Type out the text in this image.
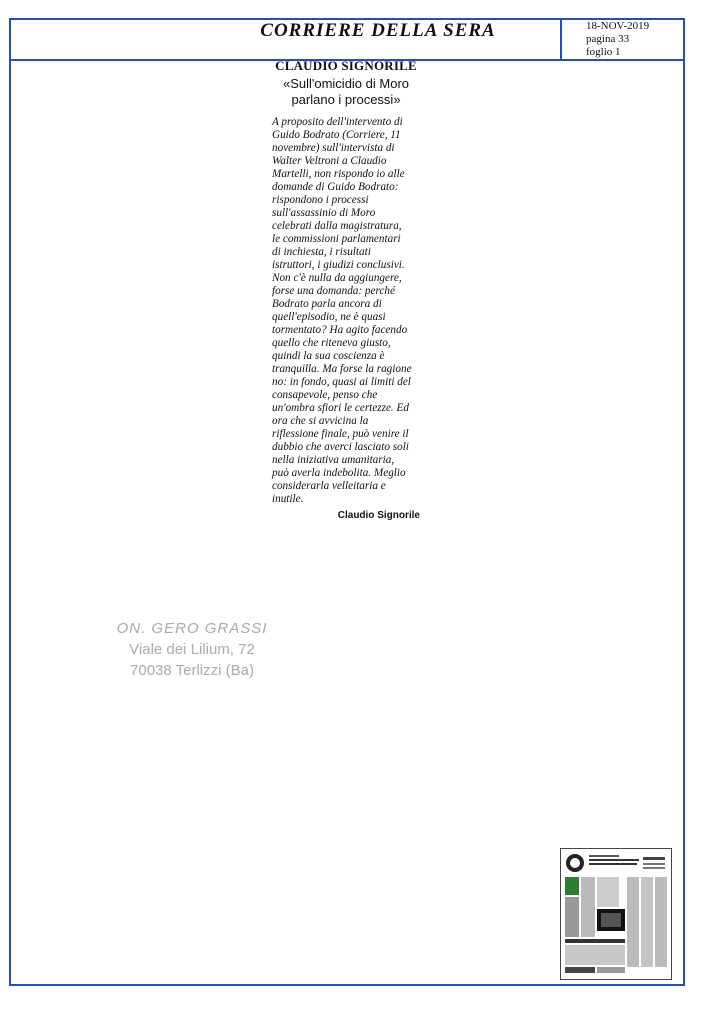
CORRIERE DELLA SERA	18-NOV-2019
pagina 33
foglio 1
CLAUDIO SIGNORILE
«Sull'omicidio di Moro
parlano i processi»
A proposito dell'intervento di
Guido Bodrato (Corriere, 11
novembre) sull'intervista di
Walter Veltroni a Claudio
Martelli, non rispondo io alle
domande di Guido Bodrato:
rispondono i processi
sull'assassinio di Moro
celebrati dalla magistratura,
le commissioni parlamentari
di inchiesta, i risultati
istruttori, i giudizi conclusivi.
Non c'è nulla da aggiungere,
forse una domanda: perché
Bodrato parla ancora di
quell'episodio, ne è quasi
tormentato? Ha agito facendo
quello che riteneva giusto,
quindi la sua coscienza è
tranquilla. Ma forse la ragione
no: in fondo, quasi ai limiti del
consapevole, penso che
un'ombra sfiori le certezze. Ed
ora che si avvicina la
riflessione finale, può venire il
dubbio che averci lasciato soli
nella iniziativa umanitaria,
può averla indebolita. Meglio
considerarla velleitaria e
inutile.
Claudio Signorile
ON. GERO GRASSI
Viale dei Lilium, 72
70038 Terlizzi (Ba)
